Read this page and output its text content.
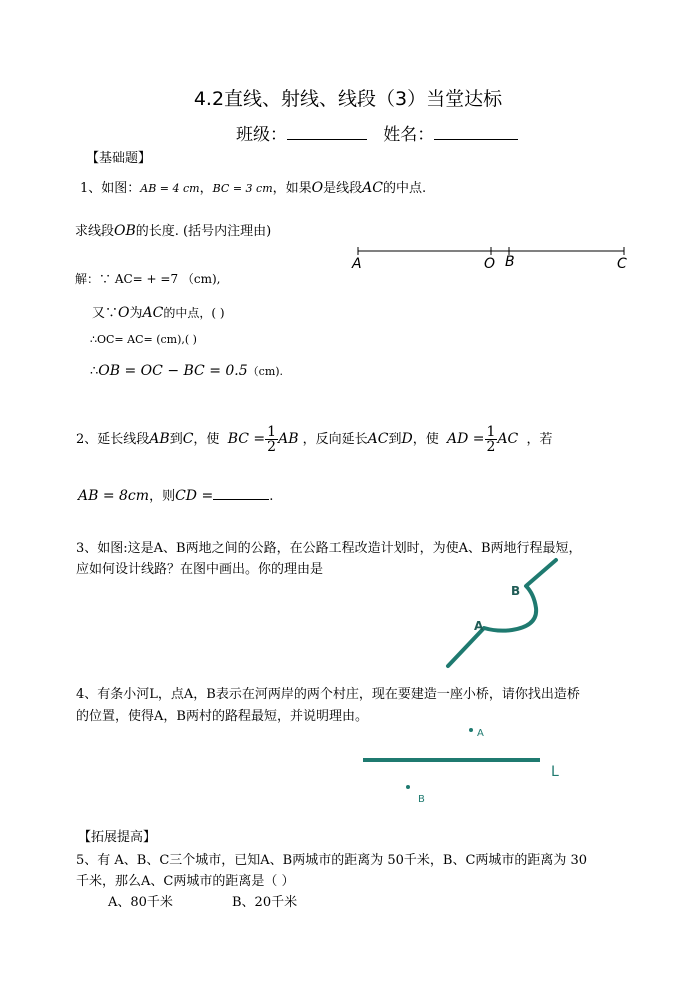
4.2直线、射线、线段（3）当堂达标
班级：	姓名：
【基础题】
1、如图：AB = 4 cm，BC = 3 cm，如果O是线段AC的中点.
求线段OB的长度. (括号内注理由)
A	O B	C
解：∵ AC= + =7 （cm),
又∵O为AC的中点，( )
∴OC= AC= (cm),( )
∴OB = OC − BC = 0.5（cm).
2、延长线段AB到C，使 BC = $\frac{1}{2}$ AB ，反向延长AC到D，使 AD = $\frac{1}{2}$ AC ，若
AB = 8cm，则CD =	.
3、如图:这是A、B两地之间的公路，在公路工程改造计划时，为使A、B两地行程最短，
应如何设计线路？在图中画出。你的理由是
A
B
4、有条小河L，点A，B表示在河两岸的两个村庄，现在要建造一座小桥，请你找出造桥
的位置，使得A，B两村的路程最短，并说明理由。
A
L
B
【拓展提高】
5、有 A、B、C三个城市，已知A、B两城市的距离为 50千米，B、C两城市的距离为 30
千米，那么A、C两城市的距离是（ ）
A、80千米	B、20千米
